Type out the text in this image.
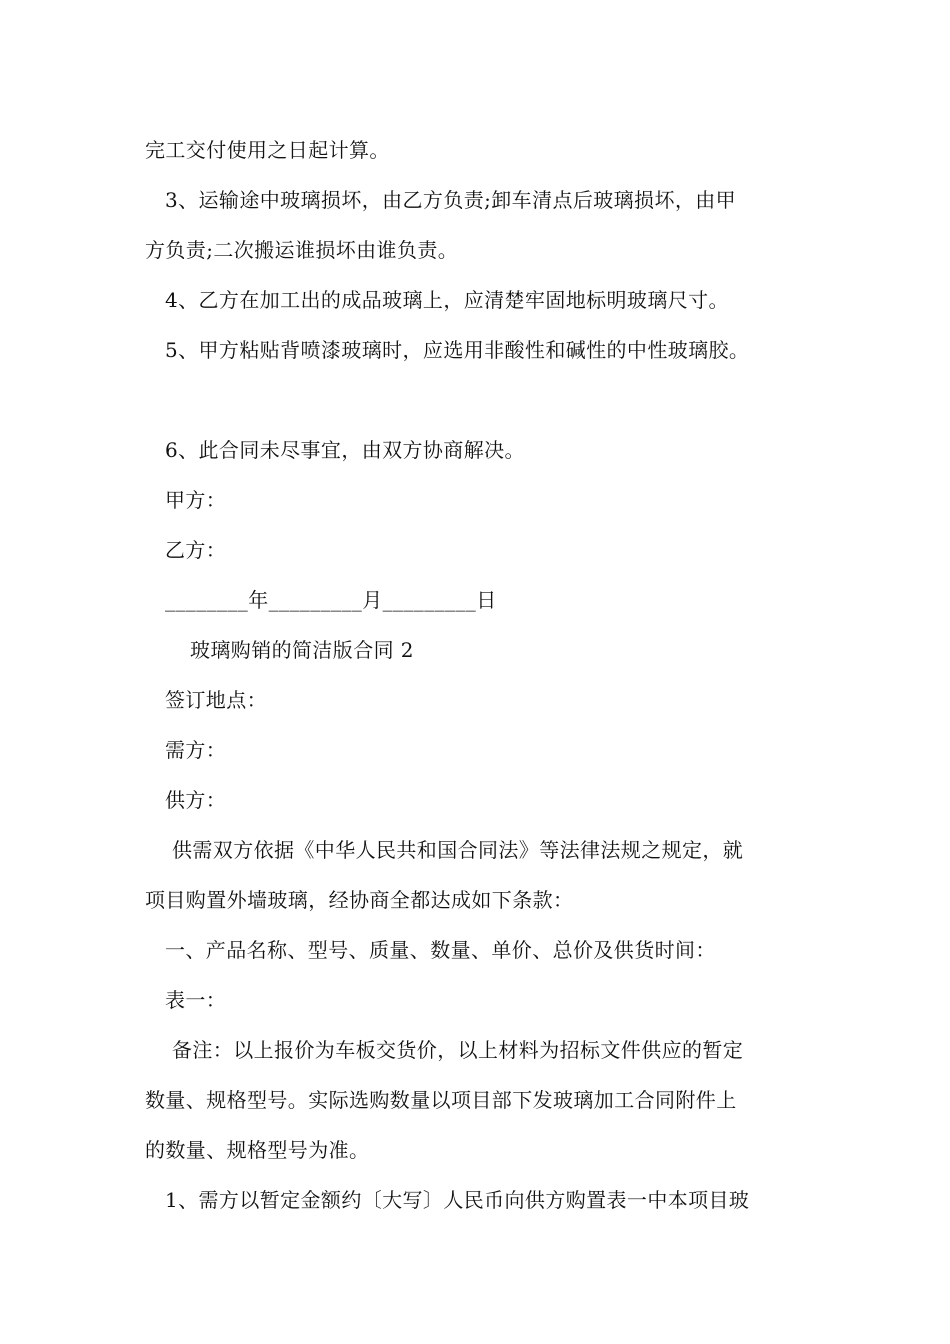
完工交付使用之日起计算。
3、运输途中玻璃损坏，由乙方负责;卸车清点后玻璃损坏，由甲
方负责;二次搬运谁损坏由谁负责。
4、乙方在加工出的成品玻璃上，应清楚牢固地标明玻璃尺寸。
5、甲方粘贴背喷漆玻璃时，应选用非酸性和碱性的中性玻璃胶。
6、此合同未尽事宜，由双方协商解决。
甲方：
乙方：
________年_________月_________日
玻璃购销的简洁版合同 2
签订地点：
需方：
供方：
供需双方依据《中华人民共和国合同法》等法律法规之规定，就
项目购置外墙玻璃，经协商全都达成如下条款：
一、产品名称、型号、质量、数量、单价、总价及供货时间：
表一：
备注：以上报价为车板交货价，以上材料为招标文件供应的暂定
数量、规格型号。实际选购数量以项目部下发玻璃加工合同附件上
的数量、规格型号为准。
1、需方以暂定金额约〔大写〕人民币向供方购置表一中本项目玻
